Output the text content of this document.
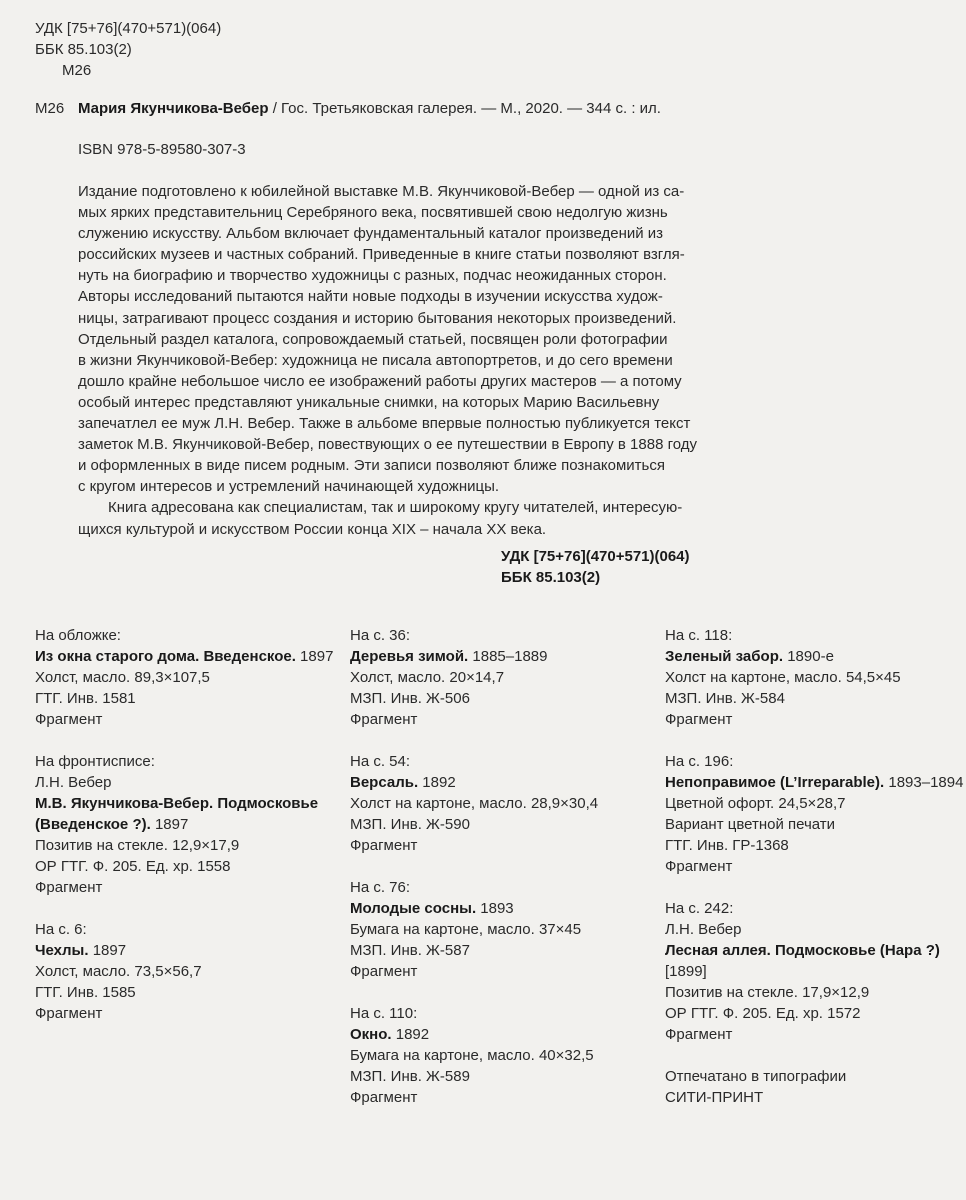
УДК [75+76](470+571)(064)
ББК 85.103(2)
М26
М26 Мария Якунчикова-Вебер / Гос. Третьяковская галерея. — М., 2020. — 344 с. : ил.
ISBN 978-5-89580-307-3
Издание подготовлено к юбилейной выставке М.В. Якунчиковой-Вебер — одной из са-
мых ярких представительниц Серебряного века, посвятившей свою недолгую жизнь
служению искусству. Альбом включает фундаментальный каталог произведений из
российских музеев и частных собраний. Приведенные в книге статьи позволяют взгля-
нуть на биографию и творчество художницы с разных, подчас неожиданных сторон.
Авторы исследований пытаются найти новые подходы в изучении искусства худож-
ницы, затрагивают процесс создания и историю бытования некоторых произведений.
Отдельный раздел каталога, сопровождаемый статьей, посвящен роли фотографии
в жизни Якунчиковой-Вебер: художница не писала автопортретов, и до сего времени
дошло крайне небольшое число ее изображений работы других мастеров — а потому
особый интерес представляют уникальные снимки, на которых Марию Васильевну
запечатлел ее муж Л.Н. Вебер. Также в альбоме впервые полностью публикуется текст
заметок М.В. Якунчиковой-Вебер, повествующих о ее путешествии в Европу в 1888 году
и оформленных в виде писем родным. Эти записи позволяют ближе познакомиться
с кругом интересов и устремлений начинающей художницы.
Книга адресована как специалистам, так и широкому кругу читателей, интересую-
щихся культурой и искусством России конца XIX – начала XX века.
УДК [75+76](470+571)(064)
ББК 85.103(2)
На обложке:
Из окна старого дома. Введенское. 1897
Холст, масло. 89,3×107,5
ГТГ. Инв. 1581
Фрагмент
На фронтисписе:
Л.Н. Вебер
М.В. Якунчикова-Вебер. Подмосковье
(Введенское ?). 1897
Позитив на стекле. 12,9×17,9
ОР ГТГ. Ф. 205. Ед. хр. 1558
Фрагмент
На с. 6:
Чехлы. 1897
Холст, масло. 73,5×56,7
ГТГ. Инв. 1585
Фрагмент
На с. 36:
Деревья зимой. 1885–1889
Холст, масло. 20×14,7
МЗП. Инв. Ж-506
Фрагмент
На с. 54:
Версаль. 1892
Холст на картоне, масло. 28,9×30,4
МЗП. Инв. Ж-590
Фрагмент
На с. 76:
Молодые сосны. 1893
Бумага на картоне, масло. 37×45
МЗП. Инв. Ж-587
Фрагмент
На с. 110:
Окно. 1892
Бумага на картоне, масло. 40×32,5
МЗП. Инв. Ж-589
Фрагмент
На с. 118:
Зеленый забор. 1890-е
Холст на картоне, масло. 54,5×45
МЗП. Инв. Ж-584
Фрагмент
На с. 196:
Непоправимое (L’Irreparable). 1893–1894
Цветной офорт. 24,5×28,7
Вариант цветной печати
ГТГ. Инв. ГР-1368
Фрагмент
На с. 242:
Л.Н. Вебер
Лесная аллея. Подмосковье (Нара ?)
[1899]
Позитив на стекле. 17,9×12,9
ОР ГТГ. Ф. 205. Ед. хр. 1572
Фрагмент
Отпечатано в типографии
СИТИ-ПРИНТ
